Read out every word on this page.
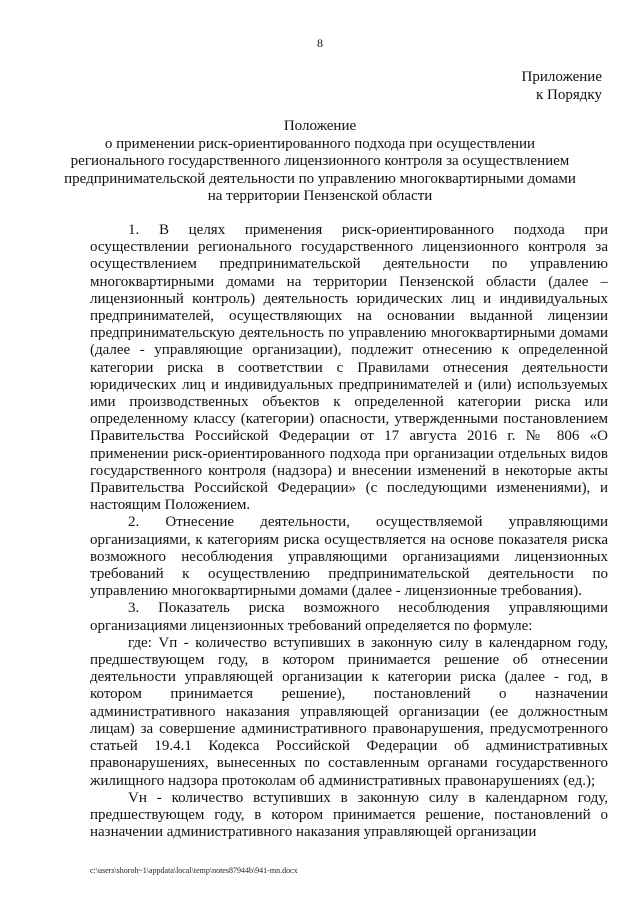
8
Приложение
к Порядку
Положение
о применении риск-ориентированного подхода при осуществлении
регионального государственного лицензионного контроля за осуществлением
предпринимательской деятельности по управлению многоквартирными домами
на территории Пензенской области

1. В целях применения риск-ориентированного подхода при осуществлении регионального государственного лицензионного контроля за осуществлением предпринимательской деятельности по управлению многоквартирными домами на территории Пензенской области (далее – лицензионный контроль) деятельность юридических лиц и индивидуальных предпринимателей, осуществляющих на основании выданной лицензии предпринимательскую деятельность по управлению многоквартирными домами (далее - управляющие организации), подлежит отнесению к определенной категории риска в соответствии с Правилами отнесения деятельности юридических лиц и индивидуальных предпринимателей и (или) используемых ими производственных объектов к определенной категории риска или определенному классу (категории) опасности, утвержденными постановлением Правительства Российской Федерации от 17 августа 2016 г. № 806 «О применении риск-ориентированного подхода при организации отдельных видов государственного контроля (надзора) и внесении изменений в некоторые акты Правительства Российской Федерации» (с последующими изменениями), и настоящим Положением.

2. Отнесение деятельности, осуществляемой управляющими организациями, к категориям риска осуществляется на основе показателя риска возможного несоблюдения управляющими организациями лицензионных требований к осуществлению предпринимательской деятельности по управлению многоквартирными домами (далее - лицензионные требования).

3. Показатель риска возможного несоблюдения управляющими организациями лицензионных требований определяется по формуле:

где: Vп - количество вступивших в законную силу в календарном году, предшествующем году, в котором принимается решение об отнесении деятельности управляющей организации к категории риска (далее - год, в котором принимается решение), постановлений о назначении административного наказания управляющей организации (ее должностным лицам) за совершение административного правонарушения, предусмотренного статьей 19.4.1 Кодекса Российской Федерации об административных правонарушениях, вынесенных по составленным органами государственного жилищного надзора протоколам об административных правонарушениях (ед.);

Vн - количество вступивших в законную силу в календарном году, предшествующем году, в котором принимается решение, постановлений о назначении административного наказания управляющей организации

c:\users\shoroh~1\appdata\local\temp\notes87944b\941-mn.docx
